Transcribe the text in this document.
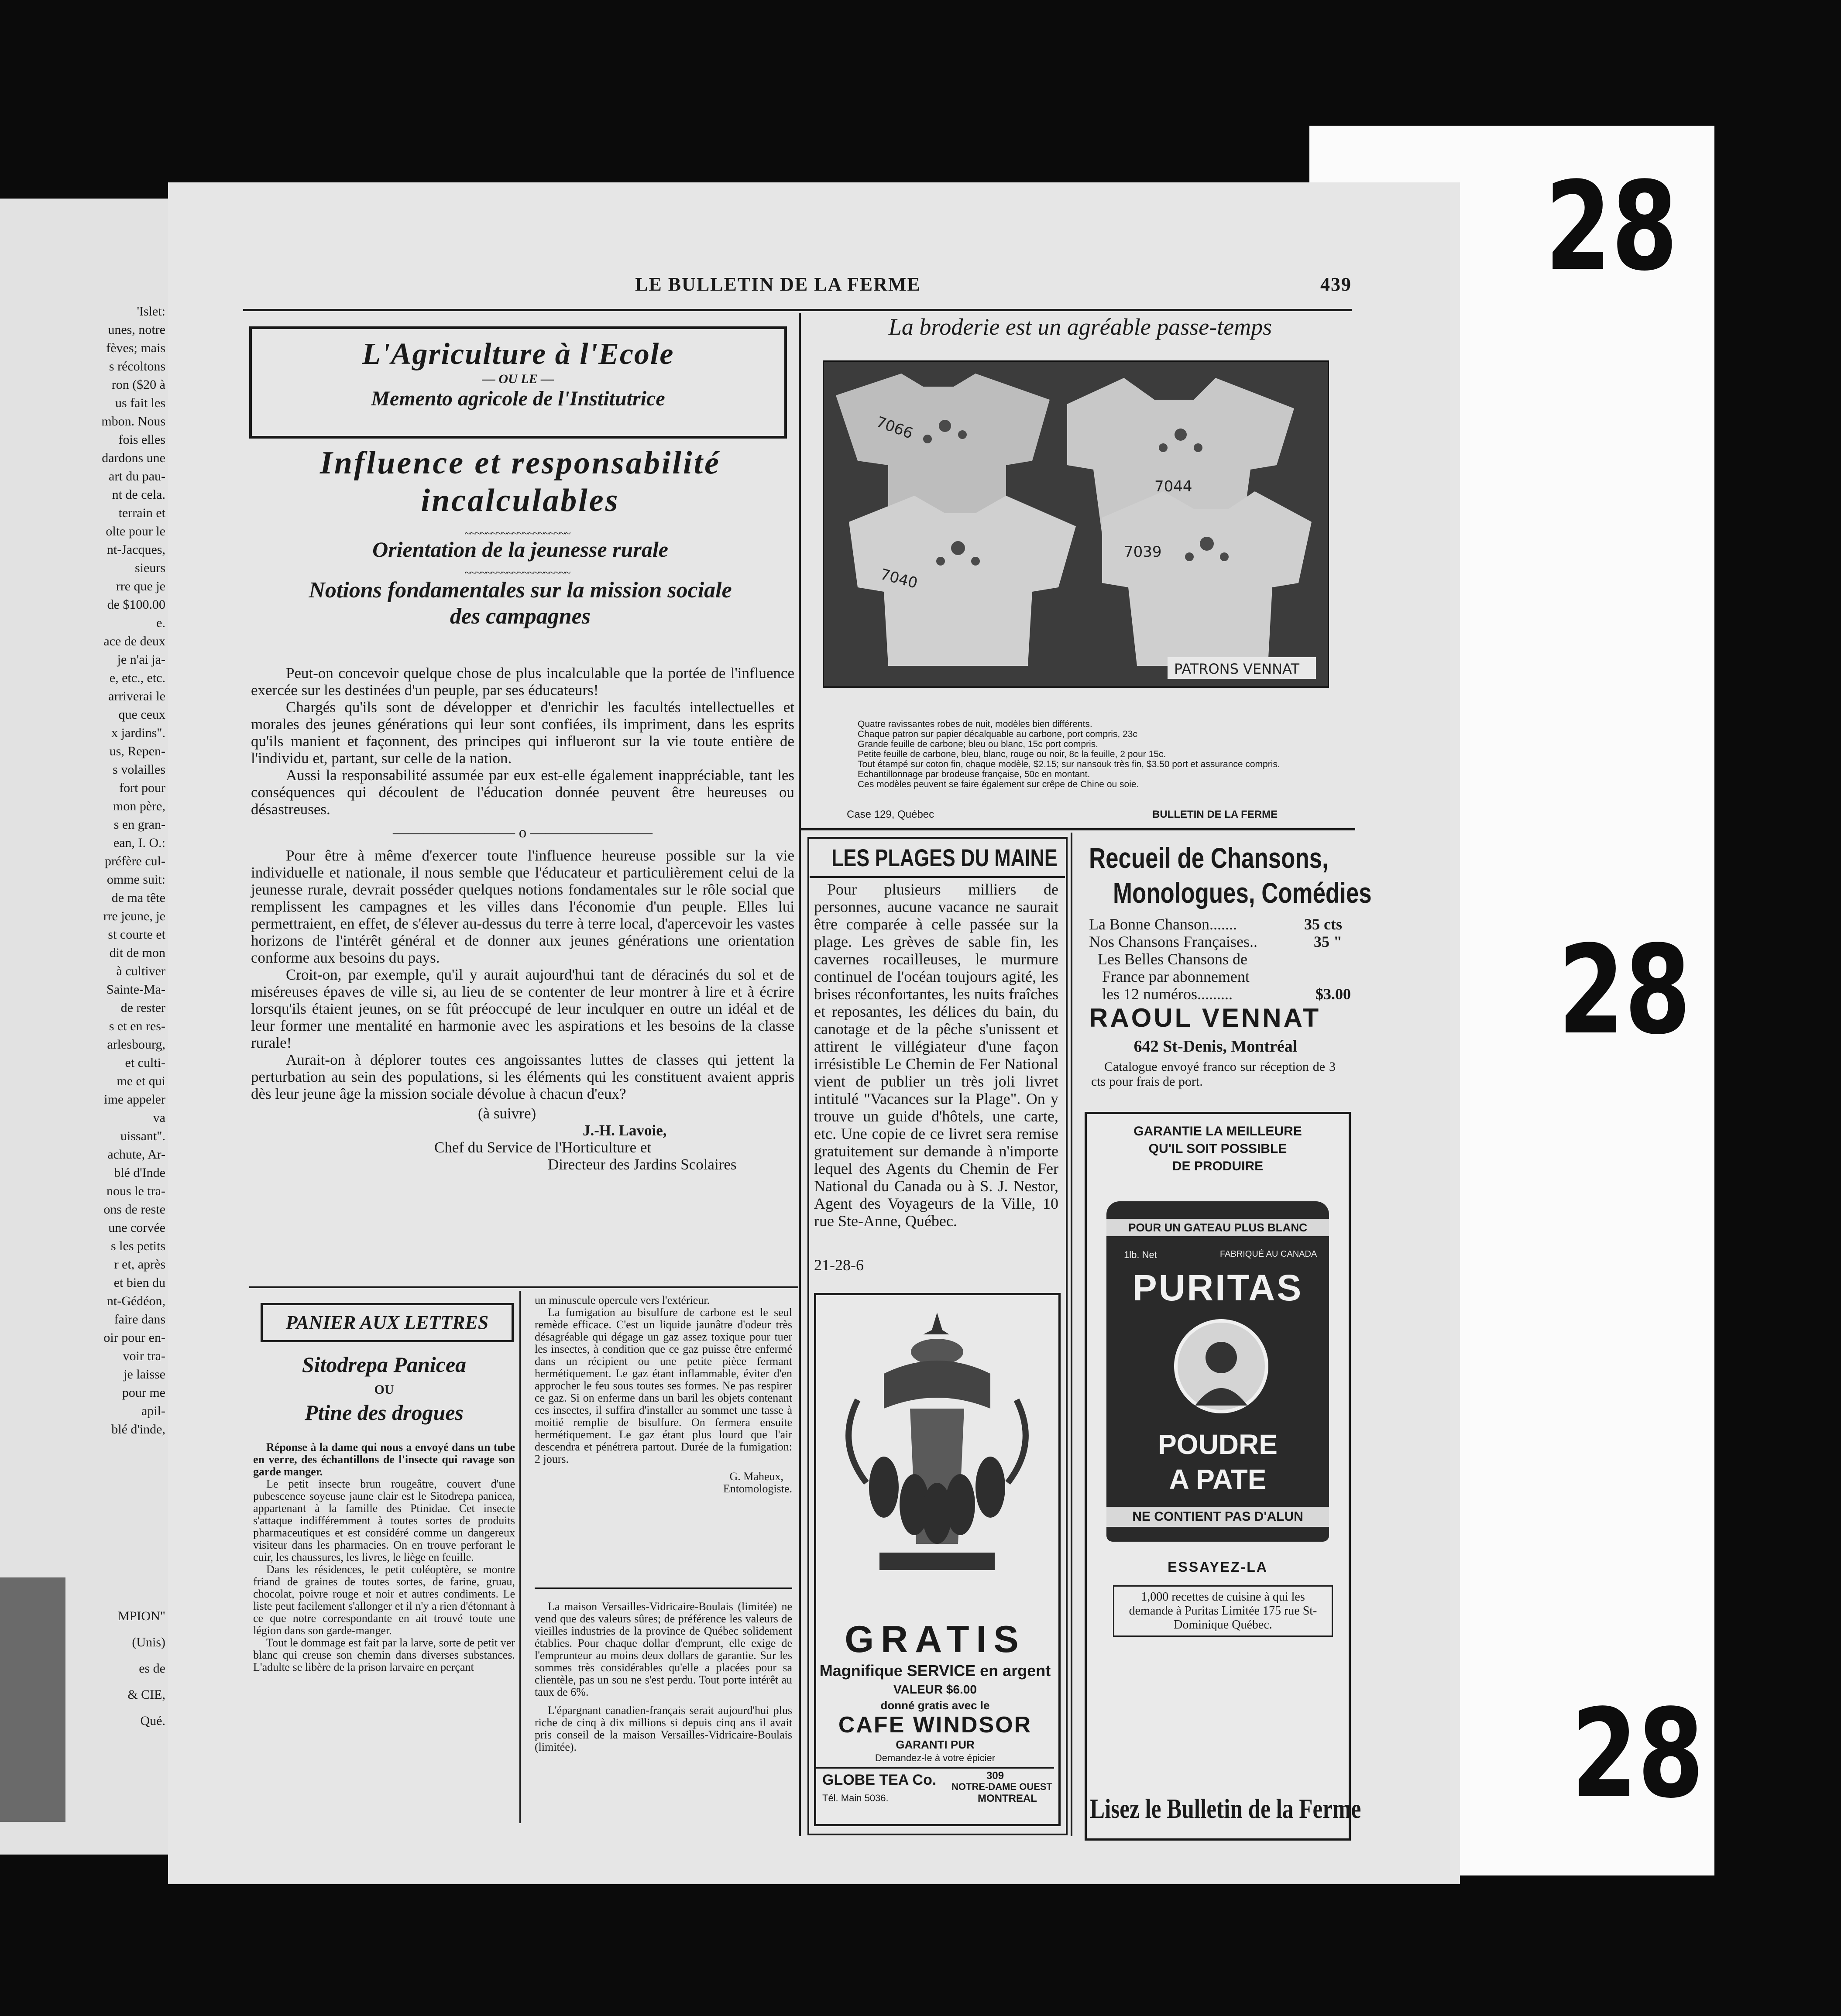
28
28
28
'Islet:
unes, notre
fèves; mais
s récoltons
ron ($20 à
us fait les
mbon. Nous
fois elles
dardons une
art du pau-
nt de cela.
terrain et
olte pour le
nt-Jacques,
sieurs
rre que je
de $100.00
e.
ace de deux
je n'ai ja-
e, etc., etc.
arriverai le
que ceux
x jardins".
us, Repen-
s volailles
fort pour
mon père,
s en gran-
ean, I. O.:
préfère cul-
omme suit:
de ma tête
rre jeune, je
st courte et
dit de mon
à cultiver
Sainte-Ma-
de rester
s et en res-
arlesbourg,
et culti-
me et qui
ime appeler
va
uissant".
achute, Ar-
blé d'Inde
nous le tra-
ons de reste
une corvée
s les petits
r et, après
et bien du
nt-Gédéon,
faire dans
oir pour en-
voir tra-
je laisse
pour me
apil-
blé d'inde,
MPION"
(Unis)
es de
& CIE,
Qué.
LE BULLETIN DE LA FERME	439
L'Agriculture à l'Ecole
— OU LE —
Memento agricole de l'Institutrice
Influence et responsabilité
incalculables
~~~~~~~~~~~~~~~~~~~~
Orientation de la jeunesse rurale
~~~~~~~~~~~~~~~~~~~~
Notions fondamentales sur la mission sociale
des campagnes

Peut-on concevoir quelque chose de plus incalculable que la portée de l'influence exercée sur les destinées d'un peuple, par ses éducateurs!

Chargés qu'ils sont de développer et d'enrichir les facultés intellectuelles et morales des jeunes générations qui leur sont confiées, ils impriment, dans les esprits qu'ils manient et façonnent, des principes qui influeront sur la vie toute entière de l'individu et, partant, sur celle de la nation.

Aussi la responsabilité assumée par eux est-elle également inappréciable, tant les conséquences qui découlent de l'éducation donnée peuvent être heureuses ou désastreuses.

———————— o ————————

Pour être à même d'exercer toute l'influence heureuse possible sur la vie individuelle et nationale, il nous semble que l'éducateur et particulièrement celui de la jeunesse rurale, devrait posséder quelques notions fondamentales sur le rôle social que remplissent les campagnes et les villes dans l'économie d'un peuple. Elles lui permettraient, en effet, de s'élever au-dessus du terre à terre local, d'apercevoir les vastes horizons de l'intérêt général et de donner aux jeunes générations une orientation conforme aux besoins du pays.

Croit-on, par exemple, qu'il y aurait aujourd'hui tant de déracinés du sol et de miséreuses épaves de ville si, au lieu de se contenter de leur montrer à lire et à écrire lorsqu'ils étaient jeunes, on se fût préoccupé de leur inculquer en outre un idéal et de leur former une mentalité en harmonie avec les aspirations et les besoins de la classe rurale!

Aurait-on à déplorer toutes ces angoissantes luttes de classes qui jettent la perturbation au sein des populations, si les éléments qui les constituent avaient appris dès leur jeune âge la mission sociale dévolue à chacun d'eux?

(à suivre)

J.-H. Lavoie,

Chef du Service de l'Horticulture et

Directeur des Jardins Scolaires

PANIER AUX LETTRES
Sitodrepa Panicea
OU
Ptine des drogues

Réponse à la dame qui nous a envoyé dans un tube en verre, des échantillons de l'insecte qui ravage son garde manger.

Le petit insecte brun rougeâtre, couvert d'une pubescence soyeuse jaune clair est le Sitodrepa panicea, appartenant à la famille des Ptinidae. Cet insecte s'attaque indifféremment à toutes sortes de produits pharmaceutiques et est considéré comme un dangereux visiteur dans les pharmacies. On en trouve perforant le cuir, les chaussures, les livres, le liège en feuille.

Dans les résidences, le petit coléoptère, se montre friand de graines de toutes sortes, de farine, gruau, chocolat, poivre rouge et noir et autres condiments. Le liste peut facilement s'allonger et il n'y a rien d'étonnant à ce que notre correspondante en ait trouvé toute une légion dans son garde-manger.

Tout le dommage est fait par la larve, sorte de petit ver blanc qui creuse son chemin dans diverses substances. L'adulte se libère de la prison larvaire en perçant

un minuscule opercule vers l'extérieur.

La fumigation au bisulfure de carbone est le seul remède efficace. C'est un liquide jaunâtre d'odeur très désagréable qui dégage un gaz assez toxique pour tuer les insectes, à condition que ce gaz puisse être enfermé dans un récipient ou une petite pièce fermant hermétiquement. Le gaz étant inflammable, éviter d'en approcher le feu sous toutes ses formes. Ne pas respirer ce gaz. Si on enferme dans un baril les objets contenant ces insectes, il suffira d'installer au sommet une tasse à moitié remplie de bisulfure. On fermera ensuite hermétiquement. Le gaz étant plus lourd que l'air descendra et pénétrera partout. Durée de la fumigation: 2 jours.

G. Maheux,

Entomologiste.

La maison Versailles-Vidricaire-Boulais (limitée) ne vend que des valeurs sûres; de préférence les valeurs de vieilles industries de la province de Québec solidement établies. Pour chaque dollar d'emprunt, elle exige de l'emprunteur au moins deux dollars de garantie. Sur les sommes très considérables qu'elle a placées pour sa clientèle, pas un sou ne s'est perdu. Tout porte intérêt au taux de 6%.

L'épargnant canadien-français serait aujourd'hui plus riche de cinq à dix millions si depuis cinq ans il avait pris conseil de la maison Versailles-Vidricaire-Boulais (limitée).

La broderie est un agréable passe-temps
7066
7044
7040
7039
PATRONS VENNAT

Quatre ravissantes robes de nuit, modèles bien différents.

Chaque patron sur papier décalquable au carbone, port compris, 23c

Grande feuille de carbone; bleu ou blanc, 15c port compris.

Petite feuille de carbone, bleu, blanc, rouge ou noir, 8c la feuille, 2 pour 15c.

Tout étampé sur coton fin, chaque modèle, $2.15; sur nansouk très fin, $3.50 port et assurance compris.

Echantillonnage par brodeuse française, 50c en montant.

Ces modèles peuvent se faire également sur crêpe de Chine ou soie.

Case 129, Québec	BULLETIN DE LA FERME
LES PLAGES DU MAINE
Pour plusieurs milliers de personnes, aucune vacance ne saurait être comparée à celle passée sur la plage. Les grèves de sable fin, les cavernes rocailleuses, le murmure continuel de l'océan toujours agité, les brises réconfortantes, les nuits fraîches et reposantes, les délices du bain, du canotage et de la pêche s'unissent et attirent le villégiateur d'une façon irrésistible Le Chemin de Fer National vient de publier un très joli livret intitulé "Vacances sur la Plage". On y trouve un guide d'hôtels, une carte, etc. Une copie de ce livret sera remise gratuitement sur demande à n'importe lequel des Agents du Chemin de Fer National du Canada ou à S. J. Nestor, Agent des Voyageurs de la Ville, 10 rue Ste-Anne, Québec.
21-28-6
GRATIS
Magnifique SERVICE en argent
VALEUR $6.00
donné gratis avec le
CAFE WINDSOR
GARANTI PUR
Demandez-le à votre épicier
GLOBE TEA Co.	309
NOTRE-DAME OUEST
Tél. Main 5036.	MONTREAL
Recueil de Chansons,
Monologues, Comédies
La Bonne Chanson .......	35 cts
Nos Chansons Françaises ..	35 "
Les Belles Chansons de
France par abonnement
les 12 numéros .........	$3.00
RAOUL VENNAT
642 St-Denis, Montréal
Catalogue envoyé franco sur réception de 3 cts pour frais de port.
GARANTIE LA MEILLEURE
QU'IL SOIT POSSIBLE
DE PRODUIRE
POUR UN GATEAU PLUS BLANC
1lb. Net	FABRIQUÉ AU CANADA
PURITAS
POUDRE
A PATE
NE CONTIENT PAS D'ALUN
ESSAYEZ-LA
1,000 recettes de cuisine à qui les demande à Puritas Limitée 175 rue St-Dominique Québec.
Lisez le Bulletin de la Ferme
